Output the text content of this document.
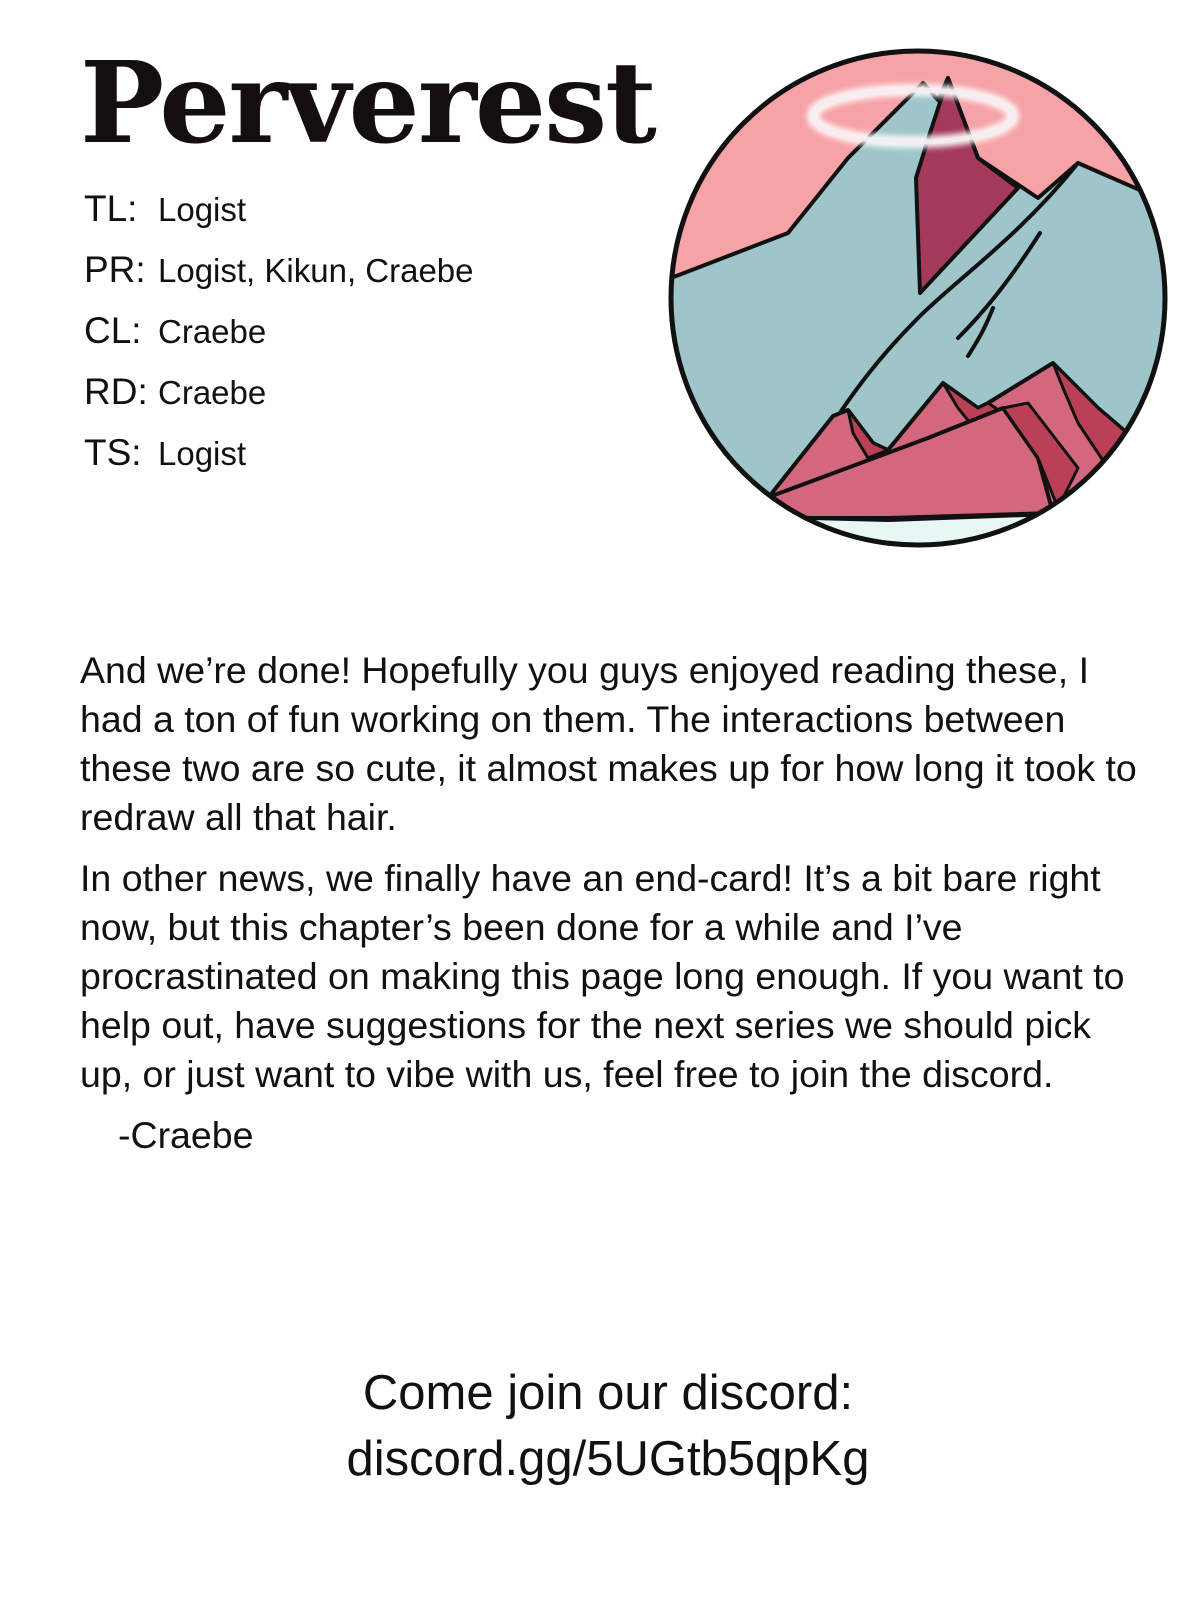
Perverest
TL: Logist
PR: Logist, Kikun, Craebe
CL: Craebe
RD: Craebe
TS: Logist

And we’re done! Hopefully you guys enjoyed reading these, I had a ton of fun working on them. The interactions between these two are so cute, it almost makes up for how long it took to redraw all that hair.

In other news, we finally have an end-card! It’s a bit bare right now, but this chapter’s been done for a while and I’ve procrastinated on making this page long enough. If you want to help out, have suggestions for the next series we should pick up, or just want to vibe with us, feel free to join the discord.

-Craebe

Come join our discord:
discord.gg/5UGtb5qpKg
